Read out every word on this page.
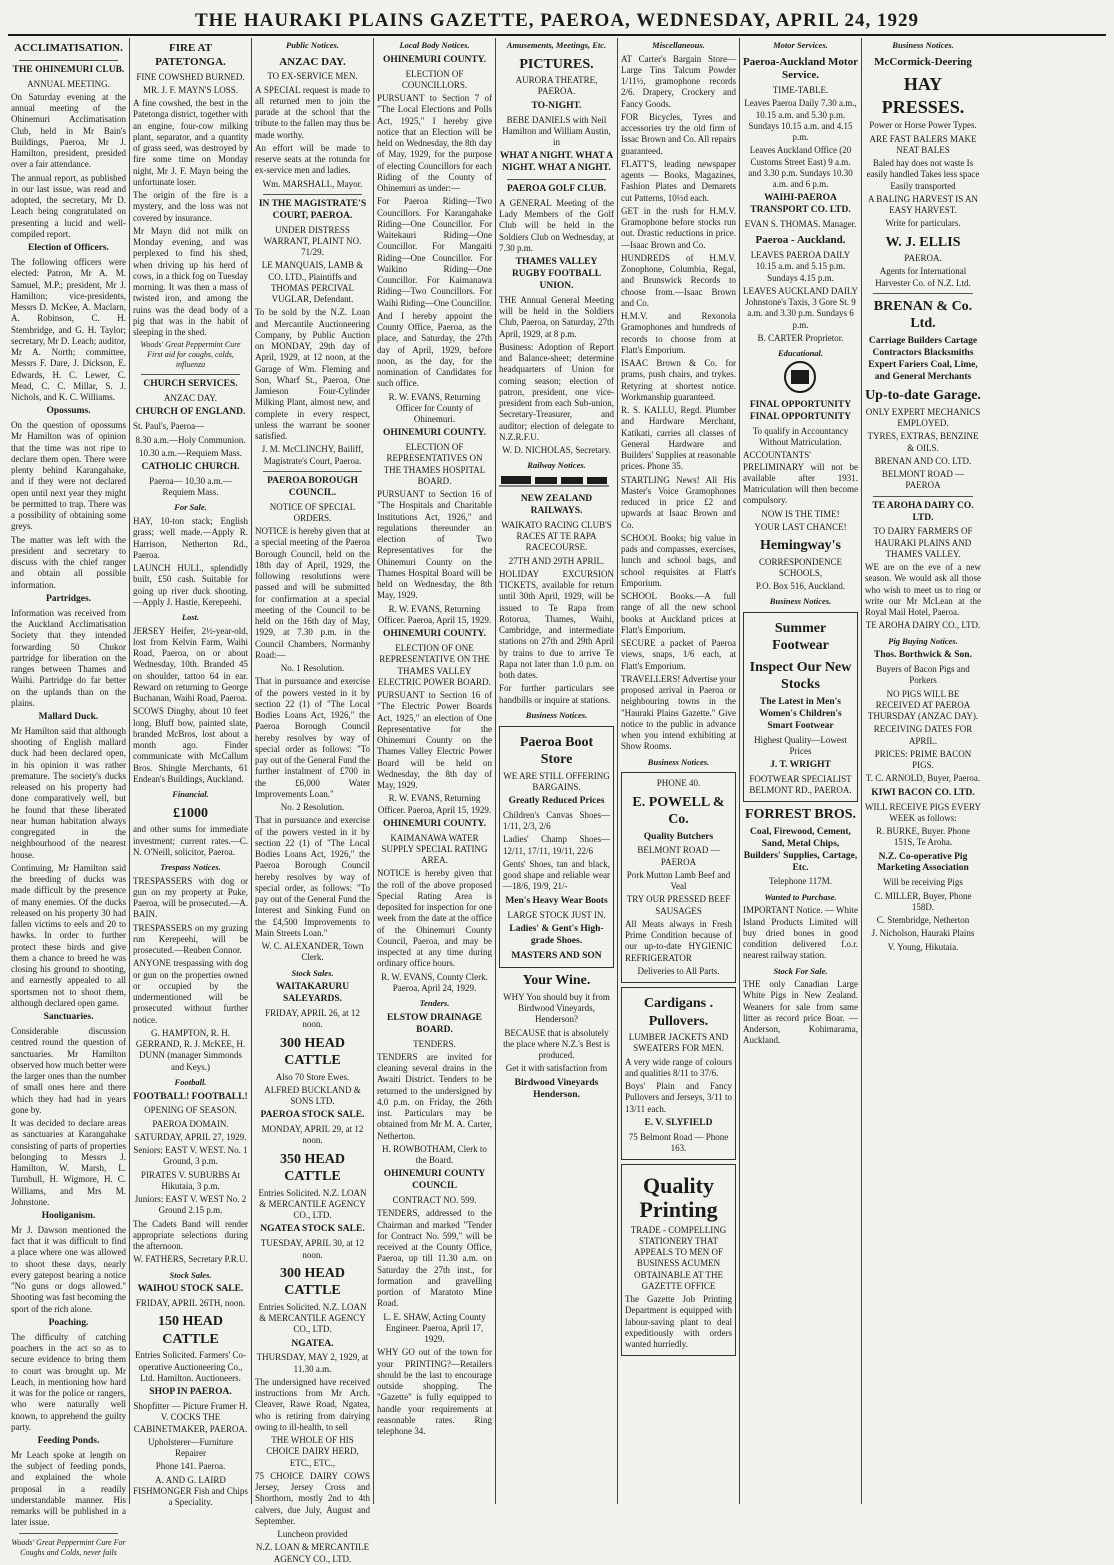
THE HAURAKI PLAINS GAZETTE, PAEROA, WEDNESDAY, APRIL 24, 1929
ACCLIMATISATION.
THE OHINEMURI CLUB.
ANNUAL MEETING.
On Saturday evening at the annual meeting of the Ohinemuri Acclimatisation Club, held in Mr Bain's Buildings, Paeroa, Mr J. Hamilton, president, presided over a fair attendance.
The annual report, as published in our last issue, was read and adopted, the secretary, Mr D. Leach being congratulated on presenting a lucid and well-compiled report.
Election of Officers.
The following officers were elected: Patron, Mr A. M. Samuel, M.P.; president, Mr J. Hamilton; vice-presidents, Messrs D. McKee, A. Maclarn, A. Robinson, C. H. Stembridge, and G. H. Taylor; secretary, Mr D. Leach; auditor, Mr A. North; committee, Messrs F. Dare, J. Dickson, E. Edwards, H. C. Lewer, C. Mead, C. C. Millar, S. J. Nichols, and K. C. Williams.
Opossums.
On the question of opossums Mr Hamilton was of opinion that the time was not ripe to declare them open. There were plenty behind Karangahake, and if they were not declared open until next year they might be permitted to trap. There was a possibility of obtaining some greys.
The matter was left with the president and secretary to discuss with the chief ranger and obtain all possible information.
Partridges.
Information was received from the Auckland Acclimatisation Society that they intended forwarding 50 Chukor partridge for liberation on the ranges between Thames and Waihi. Partridge do far better on the uplands than on the plains.
Mallard Duck.
Mr Hamilton said that although shooting of English mallard duck had been declared open, in his opinion it was rather premature. The society's ducks released on his property had done comparatively well, but he found that these liberated near human habitation always congregated in the neighbourhood of the nearest house.
Continuing, Mr Hamilton said the breeding of ducks was made difficult by the presence of many enemies. Of the ducks released on his property 30 had fallen victims to eels and 20 to hawks. In order to further protect these birds and give them a chance to breed he was closing his ground to shooting, and earnestly appealed to all sportsmen not to shoot them, although declared open game.
Sanctuaries.
Considerable discussion centred round the question of sanctuaries. Mr Hamilton observed how much better were the larger ones than the number of small ones here and there which they had had in years gone by.
It was decided to declare areas as sanctuaries at Karangahake consisting of parts of properties belonging to Messrs J. Hamilton, W. Marsh, L. Turnbull, H. Wigmore, H. C. Williams, and Mrs M. Johnstone.
Hooliganism.
Mr J. Dawson mentioned the fact that it was difficult to find a place where one was allowed to shoot these days, nearly every gatepost bearing a notice "No guns or dogs allowed." Shooting was fast becoming the sport of the rich alone.
Poaching.
The difficulty of catching poachers in the act so as to secure evidence to bring them to court was brought up. Mr Leach, in mentioning how hard it was for the police or rangers, who were naturally well known, to apprehend the guilty party.
Feeding Ponds.
Mr Leach spoke at length on the subject of feeding ponds, and explained the whole proposal in a readily understandable manner. His remarks will be published in a later issue.
Woods' Great Peppermint Cure For Coughs and Colds, never fails
FIRE AT PATETONGA.
FINE COWSHED BURNED.
MR. J. F. MAYN'S LOSS.
A fine cowshed, the best in the Patetonga district, together with an engine, four-cow milking plant, separator, and a quantity of grass seed, was destroyed by fire some time on Monday night, Mr J. F. Mayn being the unfortunate loser.
The origin of the fire is a mystery, and the loss was not covered by insurance.
Mr Mayn did not milk on Monday evening, and was perplexed to find his shed, when driving up his herd of cows, in a thick fog on Tuesday morning. It was then a mass of twisted iron, and among the ruins was the dead body of a pig that was in the habit of sleeping in the shed.
Woods' Great Peppermint Cure First aid for coughs, colds, influenza
CHURCH SERVICES.
ANZAC DAY.
CHURCH OF ENGLAND.
St. Paul's, Paeroa—
8.30 a.m.—Holy Communion.
10.30 a.m.—Requiem Mass.
CATHOLIC CHURCH.
Paeroa— 10.30 a.m.—Requiem Mass.
For Sale.
HAY, 10-ton stack; English grass; well made.—Apply R. Harrison, Netherton Rd., Paeroa.
LAUNCH HULL, splendidly built, £50 cash. Suitable for going up river duck shooting.—Apply J. Hastie, Kerepeehi.
Lost.
JERSEY Heifer, 2½-year-old, lost from Kelvin Farm, Waihi Road, Paeroa, on or about Wednesday, 10th. Branded 45 on shoulder, tattoo 64 in ear. Reward on returning to George Buchanan, Waihi Road, Paeroa.
SCOWS Dinghy, about 10 feet long, Bluff bow, painted slate, branded McBros, lost about a month ago. Finder communicate with McCallum Bros. Shingle Merchants, 61 Endean's Buildings, Auckland.
Financial.
£1000
and other sums for immediate investment; current rates.—C. N. O'Neill, solicitor, Paeroa.
Trespass Notices.
TRESPASSERS with dog or gun on my property at Puke, Paeroa, will be prosecuted.—A. BAIN.
TRESPASSERS on my grazing run Kerepeehi, will be prosecuted.—Reuben Connor.
ANYONE trespassing with dog or gun on the properties owned or occupied by the undermentioned will be prosecuted without further notice.
G. HAMPTON, R. H. GERRAND, R. J. McKEE, H. DUNN (manager Simmonds and Keys.)
Football.
FOOTBALL! FOOTBALL!
OPENING OF SEASON.
PAEROA DOMAIN.
SATURDAY, APRIL 27, 1929.
Seniors: EAST V. WEST. No. 1 Ground, 3 p.m.
PIRATES V. SUBURBS At Hikutaia, 3 p.m.
Juniors: EAST V. WEST No. 2 Ground 2.15 p.m.
The Cadets Band will render appropriate selections during the afternoon.
W. FATHERS, Secretary P.R.U.
Stock Sales.
WAIHOU STOCK SALE.
FRIDAY, APRIL 26TH, noon.
150 HEAD CATTLE
Entries Solicited. Farmers' Co-operative Auctioneering Co., Ltd. Hamilton. Auctioneers.
SHOP IN PAEROA.
Shopfitter — Picture Framer H. V. COCKS THE CABINETMAKER, PAEROA.
Upholsterer—Furniture Repairer
Phone 141. Paeroa.
A. AND G. LAIRD FISHMONGER Fish and Chips a Speciality.
Public Notices.
ANZAC DAY.
TO EX-SERVICE MEN.
A SPECIAL request is made to all returned men to join the parade at the school that the tribute to the fallen may thus be made worthy.
An effort will be made to reserve seats at the rotunda for ex-service men and ladies.
Wm. MARSHALL, Mayor.
IN THE MAGISTRATE'S COURT, PAEROA.
UNDER DISTRESS WARRANT, PLAINT NO. 71/29.
LE MANQUAIS, LAMB & CO. LTD., Plaintiffs and THOMAS PERCIVAL VUGLAR, Defendant.
To be sold by the N.Z. Loan and Mercantile Auctioneering Company, by Public Auction on MONDAY, 29th day of April, 1929, at 12 noon, at the Garage of Wm. Fleming and Son, Wharf St., Paeroa, One Jamieson Four-Cylinder Milking Plant, almost new, and complete in every respect, unless the warrant be sooner satisfied.
J. M. McCLINCHY, Bailiff, Magistrate's Court, Paeroa.
PAEROA BOROUGH COUNCIL.
NOTICE OF SPECIAL ORDERS.
NOTICE is hereby given that at a special meeting of the Paeroa Borough Council, held on the 18th day of April, 1929, the following resolutions were passed and will be submitted for confirmation at a special meeting of the Council to be held on the 16th day of May, 1929, at 7.30 p.m. in the Council Chambers, Normanby Road:—
No. 1 Resolution.
That in pursuance and exercise of the powers vested in it by section 22 (1) of "The Local Bodies Loans Act, 1926," the Paeroa Borough Council hereby resolves by way of special order as follows: "To pay out of the General Fund the further instalment of £700 in the £6,000 Water Improvements Loan."
No. 2 Resolution.
That in pursuance and exercise of the powers vested in it by section 22 (1) of "The Local Bodies Loans Act, 1926," the Paeroa Borough Council hereby resolves by way of special order, as follows: "To pay out of the General Fund the Interest and Sinking Fund on the £4,500 Improvements to Main Streets Loan."
W. C. ALEXANDER, Town Clerk.
Stock Sales.
WAITAKARURU SALEYARDS.
FRIDAY, APRIL 26, at 12 noon.
300 HEAD CATTLE
Also 70 Store Ewes.
ALFRED BUCKLAND & SONS LTD.
PAEROA STOCK SALE.
MONDAY, APRIL 29, at 12 noon.
350 HEAD CATTLE
Entries Solicited. N.Z. LOAN & MERCANTILE AGENCY CO., LTD.
NGATEA STOCK SALE.
TUESDAY, APRIL 30, at 12 noon.
300 HEAD CATTLE
Entries Solicited. N.Z. LOAN & MERCANTILE AGENCY CO., LTD.
NGATEA.
THURSDAY, MAY 2, 1929, at 11.30 a.m.
The undersigned have received instructions from Mr Arch. Cleaver, Rawe Road, Ngatea, who is retiring from dairying owing to ill-health, to sell
THE WHOLE OF HIS CHOICE DAIRY HERD, ETC., ETC.,
75 CHOICE DAIRY COWS Jersey, Jersey Cross and Shorthorn, mostly 2nd to 4th calvers, due July, August and September.
Luncheon provided
N.Z. LOAN & MERCANTILE AGENCY CO., LTD.
Local Body Notices.
OHINEMURI COUNTY.
ELECTION OF COUNCILLORS.
PURSUANT to Section 7 of "The Local Elections and Polls Act, 1925," I hereby give notice that an Election will be held on Wednesday, the 8th day of May, 1929, for the purpose of electing Councillors for each Riding of the County of Ohinemuri as under:—
For Paeroa Riding—Two Councillors. For Karangahake Riding—One Councillor. For Waitekauri Riding—One Councillor. For Mangaiti Riding—One Councillor. For Waikino Riding—One Councillor. For Kaimanawa Riding—Two Councillors. For Waihi Riding—One Councillor.
And I hereby appoint the County Office, Paeroa, as the place, and Saturday, the 27th day of April, 1929, before noon, as the day, for the nomination of Candidates for such office.
R. W. EVANS, Returning Officer for County of Ohinemuri.
OHINEMURI COUNTY.
ELECTION OF REPRESENTATIVES ON THE THAMES HOSPITAL BOARD.
PURSUANT to Section 16 of "The Hospitals and Charitable Institutions Act, 1926," and regulations thereunder an election of Two Representatives for the Ohinemuri County on the Thames Hospital Board will be held on Wednesday, the 8th May, 1929.
R. W. EVANS, Returning Officer. Paeroa, April 15, 1929.
OHINEMURI COUNTY.
ELECTION OF ONE REPRESENTATIVE ON THE THAMES VALLEY ELECTRIC POWER BOARD.
PURSUANT to Section 16 of "The Electric Power Boards Act, 1925," an election of One Representative for the Ohinemuri County on the Thames Valley Electric Power Board will be held on Wednesday, the 8th day of May, 1929.
R. W. EVANS, Returning Officer. Paeroa, April 15, 1929.
OHINEMURI COUNTY.
KAIMANAWA WATER SUPPLY SPECIAL RATING AREA.
NOTICE is hereby given that the roll of the above proposed Special Rating Area is deposited for inspection for one week from the date at the office of the Ohinemuri County Council, Paeroa, and may be inspected at any time during ordinary office hours.
R. W. EVANS, County Clerk. Paeroa, April 24, 1929.
Tenders.
ELSTOW DRAINAGE BOARD.
TENDERS.
TENDERS are invited for cleaning several drains in the Awaiti District. Tenders to be returned to the undersigned by 4.0 p.m. on Friday, the 26th inst. Particulars may be obtained from Mr M. A. Carter, Netherton.
H. ROWBOTHAM, Clerk to the Board.
OHINEMURI COUNTY COUNCIL
CONTRACT NO. 599.
TENDERS, addressed to the Chairman and marked "Tender for Contract No. 599," will be received at the County Office, Paeroa, up till 11.30 a.m. on Saturday the 27th inst., for formation and gravelling portion of Maratoto Mine Road.
L. E. SHAW, Acting County Engineer. Paeroa, April 17, 1929.
WHY GO out of the town for your PRINTING?—Retailers should be the last to encourage outside shopping. The "Gazette" is fully equipped to handle your requirements at reasonable rates. Ring telephone 34.
Amusements, Meetings, Etc.
PICTURES.
AURORA THEATRE, PAEROA.
TO-NIGHT.
BEBE DANIELS with Neil Hamilton and William Austin, in
WHAT A NIGHT. WHAT A NIGHT. WHAT A NIGHT.
PAEROA GOLF CLUB.
A GENERAL Meeting of the Lady Members of the Golf Club will be held in the Soldiers Club on Wednesday, at 7.30 p.m.
THAMES VALLEY RUGBY FOOTBALL UNION.
THE Annual General Meeting will be held in the Soldiers Club, Paeroa, on Saturday, 27th April, 1929, at 8 p.m.
Business: Adoption of Report and Balance-sheet; determine headquarters of Union for coming season; election of patron, president, one vice-president from each Sub-union, Secretary-Treasurer, and auditor; election of delegate to N.Z.R.F.U.
W. D. NICHOLAS, Secretary.
Railway Notices.
NEW ZEALAND RAILWAYS.
WAIKATO RACING CLUB'S RACES AT TE RAPA RACECOURSE.
27TH AND 29TH APRIL.
HOLIDAY EXCURSION TICKETS, available for return until 30th April, 1929, will be issued to Te Rapa from Rotorua, Thames, Waihi, Cambridge, and intermediate stations on 27th and 29th April by trains to due to arrive Te Rapa not later than 1.0 p.m. on both dates.
For further particulars see handbills or inquire at stations.
Business Notices.
Paeroa Boot Store
WE ARE STILL OFFERING BARGAINS.
Greatly Reduced Prices
Children's Canvas Shoes—1/11, 2/3, 2/6
Ladies' Champ Shoes—12/11, 17/11, 19/11, 22/6
Gents' Shoes, tan and black, good shape and reliable wear—18/6, 19/9, 21/-
Men's Heavy Wear Boots
LARGE STOCK JUST IN.
Ladies' & Gent's High-grade Shoes.
MASTERS AND SON
Your Wine.
WHY You should buy it from Birdwood Vineyards, Henderson?
BECAUSE that is absolutely the place where N.Z.'s Best is produced.
Get it with satisfaction from
Birdwood Vineyards Henderson.
Miscellaneous.
AT Carter's Bargain Store—Large Tins Talcum Powder 1/11½, gramophone records 2/6. Drapery, Crockery and Fancy Goods.
FOR Bicycles, Tyres and accessories try the old firm of Issac Brown and Co. All repairs guaranteed.
FLATT'S, leading newspaper agents — Books, Magazines, Fashion Plates and Demarets cut Patterns, 10½d each.
GET in the rush for H.M.V. Gramophone before stocks run out. Drastic reductions in price.—Isaac Brown and Co.
HUNDREDS of H.M.V. Zonophone, Columbia, Regal, and Brunswick Records to choose from.—Isaac Brown and Co.
H.M.V. and Rexonola Gramophones and hundreds of records to choose from at Flatt's Emporium.
ISAAC Brown & Co. for prams, push chairs, and trykes. Retyring at shortest notice. Workmanship guaranteed.
R. S. KALLU, Regd. Plumber and Hardware Merchant, Katikati, carries all classes of General Hardware and Builders' Supplies at reasonable prices. Phone 35.
STARTLING News! All His Master's Voice Gramophones reduced in price £2 and upwards at Isaac Brown and Co.
SCHOOL Books; big value in pads and compasses, exercises, lunch and school bags, and school requisites at Flatt's Emporium.
SCHOOL Books.—A full range of all the new school books at Auckland prices at Flatt's Emporium.
SECURE a packet of Paeroa views, snaps, 1/6 each, at Flatt's Emporium.
TRAVELLERS! Advertise your proposed arrival in Paeroa or neighbouring towns in the "Hauraki Plains Gazette." Give notice to the public in advance when you intend exhibiting at Show Rooms.
Business Notices.
PHONE 40.
E. POWELL & Co.
Quality Butchers
BELMONT ROAD — PAEROA
Pork Mutton Lamb Beef and Veal
TRY OUR PRESSED BEEF SAUSAGES
All Meats always in Fresh Prime Condition because of our up-to-date HYGIENIC REFRIGERATOR
Deliveries to All Parts.
Cardigans . Pullovers.
LUMBER JACKETS AND SWEATERS FOR MEN.
A very wide range of colours and qualities 8/11 to 37/6.
Boys' Plain and Fancy Pullovers and Jerseys, 3/11 to 13/11 each.
E. V. SLYFIELD
75 Belmont Road — Phone 163.
Quality Printing
TRADE - COMPELLING STATIONERY THAT APPEALS TO MEN OF BUSINESS ACUMEN OBTAINABLE AT THE GAZETTE OFFICE
The Gazette Job Printing Department is equipped with labour-saving plant to deal expeditiously with orders wanted hurriedly.
Motor Services.
Paeroa-Auckland Motor Service.
TIME-TABLE.
Leaves Paeroa Daily 7.30 a.m., 10.15 a.m. and 5.30 p.m. Sundays 10.15 a.m. and 4.15 p.m.
Leaves Auckland Office (20 Customs Street East) 9 a.m. and 3.30 p.m. Sundays 10.30 a.m. and 6 p.m.
WAIHI-PAEROA TRANSPORT CO. LTD.
EVAN S. THOMAS. Manager.
Paeroa - Auckland.
LEAVES PAEROA DAILY 10.15 a.m. and 5.15 p.m. Sundays 4.15 p.m.
LEAVES AUCKLAND DAILY Johnstone's Taxis, 3 Gore St. 9 a.m. and 3.30 p.m. Sundays 6 p.m.
B. CARTER Proprietor.
Educational.
FINAL OPPORTUNITY FINAL OPPORTUNITY
To qualify in Accountancy Without Matriculation.
ACCOUNTANTS' PRELIMINARY will not be available after 1931. Matriculation will then become compulsory.
NOW IS THE TIME!
YOUR LAST CHANCE!
Hemingway's
CORRESPONDENCE SCHOOLS,
P.O. Box 516, Auckland.
Business Notices.
Summer Footwear
Inspect Our New Stocks
The Latest in Men's Women's Children's Smart Footwear
Highest Quality—Lowest Prices
J. T. WRIGHT
FOOTWEAR SPECIALIST BELMONT RD., PAEROA.
FORREST BROS.
Coal, Firewood, Cement, Sand, Metal Chips, Builders' Supplies, Cartage, Etc.
Telephone 117M.
Wanted to Purchase.
IMPORTANT Notice. — White Island Products Limited will buy dried bones in good condition delivered f.o.r. nearest railway station.
Stock For Sale.
THE only Canadian Large White Pigs in New Zealand. Weaners for sale from same litter as record price Boar. — Anderson, Kohimarama, Auckland.
Business Notices.
McCormick-Deering
HAY PRESSES.
Power or Horse Power Types.
ARE FAST BALERS MAKE NEAT BALES
Baled hay does not waste Is easily handled Takes less space Easily transported
A BALING HARVEST IS AN EASY HARVEST.
Write for particulars.
W. J. ELLIS
PAEROA.
Agents for International Harvester Co. of N.Z. Ltd.
BRENAN & Co. Ltd.
Carriage Builders Cartage Contractors Blacksmiths Expert Fariers Coal, Lime, and General Merchants
Up-to-date Garage.
ONLY EXPERT MECHANICS EMPLOYED.
TYRES, EXTRAS, BENZINE & OILS.
BRENAN AND CO. LTD.
BELMONT ROAD — PAEROA
TE AROHA DAIRY CO. LTD.
TO DAIRY FARMERS OF HAURAKI PLAINS AND THAMES VALLEY.
WE are on the eve of a new season. We would ask all those who wish to meet us to ring or write our Mr McLean at the Royal Mail Hotel, Paeroa.
TE AROHA DAIRY CO., LTD.
Pig Buying Notices.
Thos. Borthwick & Son.
Buyers of Bacon Pigs and Porkers
NO PIGS WILL BE RECEIVED AT PAEROA THURSDAY (ANZAC DAY).
RECEIVING DATES FOR APRIL.
PRICES: PRIME BACON PIGS.
T. C. ARNOLD, Buyer, Paeroa.
KIWI BACON CO. LTD.
WILL RECEIVE PIGS EVERY WEEK as follows:
R. BURKE, Buyer. Phone 151S, Te Aroha.
N.Z. Co-operative Pig Marketing Association
Will be receiving Pigs
C. MILLER, Buyer, Phone 158D.
C. Stembridge, Netherton
J. Nicholson, Hauraki Plains
V. Young, Hikutaia.
